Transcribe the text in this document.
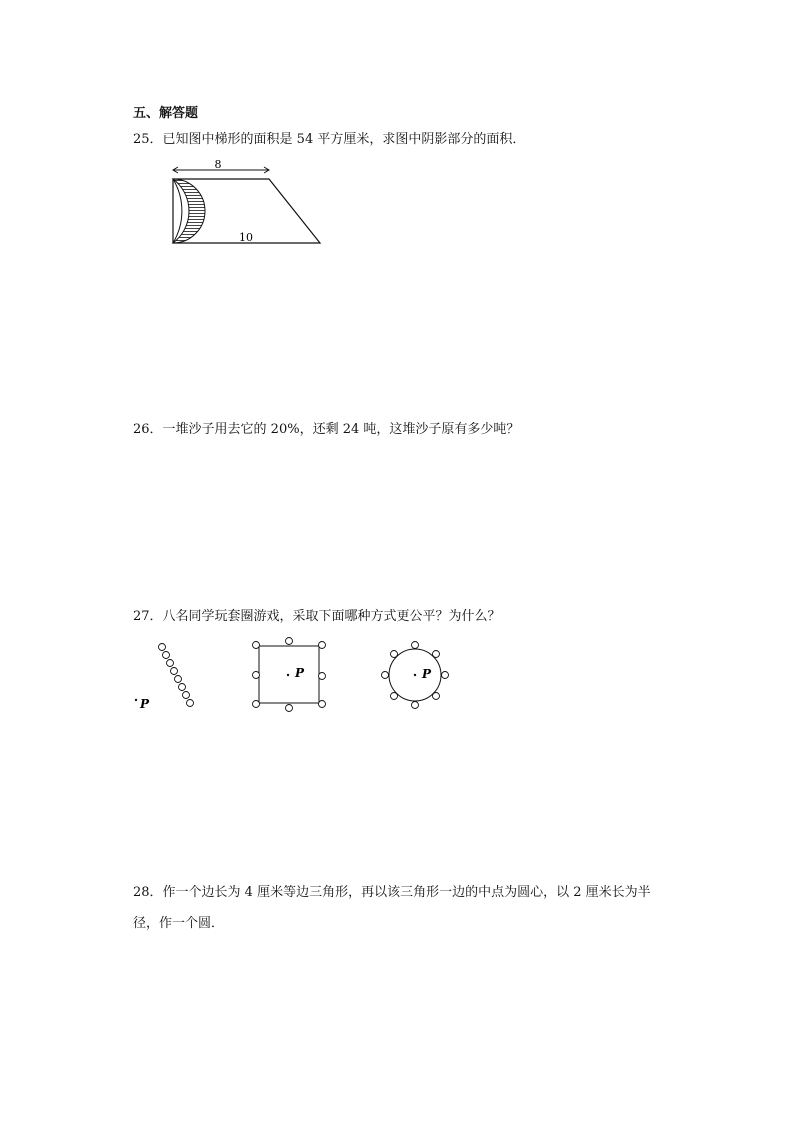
五、解答题
25．已知图中梯形的面积是 54 平方厘米，求图中阴影部分的面积．
8
10
26．一堆沙子用去它的 20%，还剩 24 吨，这堆沙子原有多少吨？
27．八名同学玩套圈游戏，采取下面哪种方式更公平？为什么？
P
P	P
28．作一个边长为 4 厘米等边三角形，再以该三角形一边的中点为圆心，以 2 厘米长为半径，作一个圆．
